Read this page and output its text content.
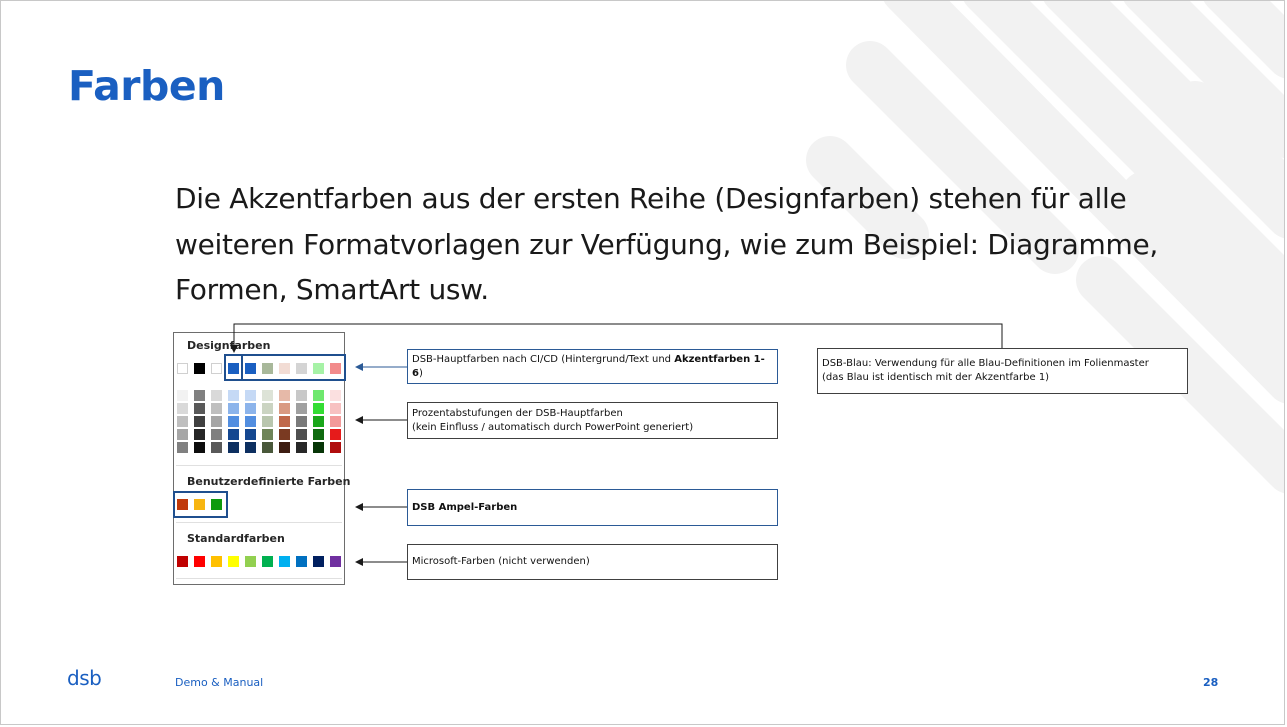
Farben
Die Akzentfarben aus der ersten Reihe (Designfarben) stehen für alle weiteren Formatvorlagen zur Verfügung, wie zum Beispiel: Diagramme, Formen, SmartArt usw.
Designfarben
Benutzerdefinierte Farben
Standardfarben
DSB-Hauptfarben nach CI/CD (Hintergrund/Text und Akzentfarben 1-6)
Prozentabstufungen der DSB-Hauptfarben
(kein Einfluss / automatisch durch PowerPoint generiert)
DSB Ampel-Farben
Microsoft-Farben (nicht verwenden)
DSB-Blau: Verwendung für alle Blau-Definitionen im Folienmaster
(das Blau ist identisch mit der Akzentfarbe 1)
dsb	Demo & Manual	28
